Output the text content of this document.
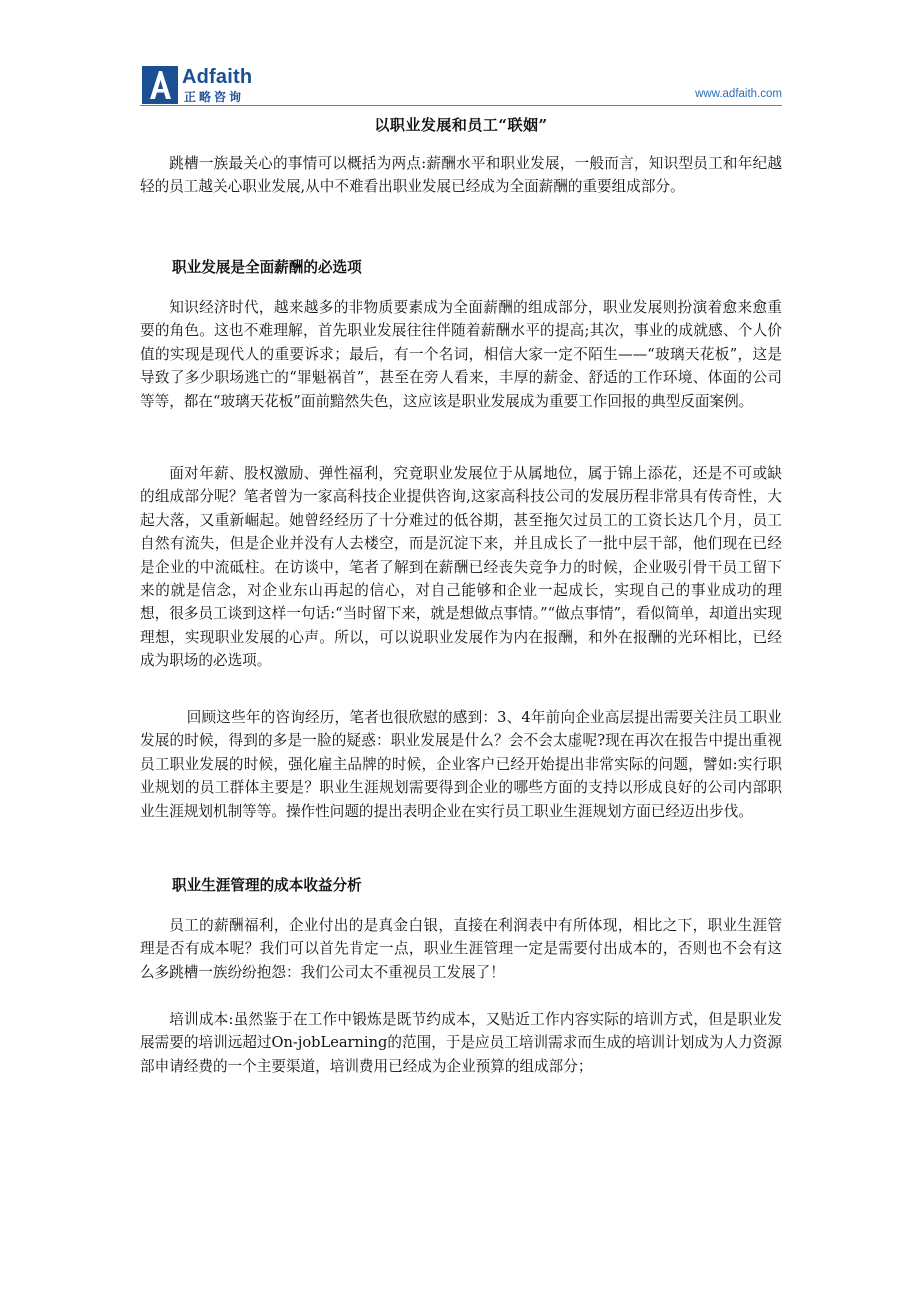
Adfaith
正略咨询	www.adfaith.com
以职业发展和员工“联姻”

跳槽一族最关心的事情可以概括为两点:薪酬水平和职业发展，一般而言，知识型员工和年纪越轻的员工越关心职业发展,从中不难看出职业发展已经成为全面薪酬的重要组成部分。

职业发展是全面薪酬的必选项

知识经济时代，越来越多的非物质要素成为全面薪酬的组成部分，职业发展则扮演着愈来愈重要的角色。这也不难理解，首先职业发展往往伴随着薪酬水平的提高;其次，事业的成就感、个人价值的实现是现代人的重要诉求；最后，有一个名词，相信大家一定不陌生——“玻璃天花板”，这是导致了多少职场逃亡的“罪魁祸首”，甚至在旁人看来，丰厚的薪金、舒适的工作环境、体面的公司等等，都在“玻璃天花板”面前黯然失色，这应该是职业发展成为重要工作回报的典型反面案例。

面对年薪、股权激励、弹性福利，究竟职业发展位于从属地位，属于锦上添花，还是不可或缺的组成部分呢？笔者曾为一家高科技企业提供咨询,这家高科技公司的发展历程非常具有传奇性，大起大落，又重新崛起。她曾经经历了十分难过的低谷期，甚至拖欠过员工的工资长达几个月，员工自然有流失，但是企业并没有人去楼空，而是沉淀下来，并且成长了一批中层干部，他们现在已经是企业的中流砥柱。在访谈中，笔者了解到在薪酬已经丧失竞争力的时候，企业吸引骨干员工留下来的就是信念，对企业东山再起的信心，对自己能够和企业一起成长，实现自己的事业成功的理想，很多员工谈到这样一句话:“当时留下来，就是想做点事情。”“做点事情”，看似简单，却道出实现理想，实现职业发展的心声。所以，可以说职业发展作为内在报酬，和外在报酬的光环相比，已经成为职场的必选项。

回顾这些年的咨询经历，笔者也很欣慰的感到：3、4年前向企业高层提出需要关注员工职业发展的时候，得到的多是一脸的疑惑：职业发展是什么？会不会太虚呢?现在再次在报告中提出重视员工职业发展的时候，强化雇主品牌的时候，企业客户已经开始提出非常实际的问题，譬如:实行职业规划的员工群体主要是？职业生涯规划需要得到企业的哪些方面的支持以形成良好的公司内部职业生涯规划机制等等。操作性问题的提出表明企业在实行员工职业生涯规划方面已经迈出步伐。

职业生涯管理的成本收益分析

员工的薪酬福利，企业付出的是真金白银，直接在利润表中有所体现，相比之下，职业生涯管理是否有成本呢？我们可以首先肯定一点，职业生涯管理一定是需要付出成本的，否则也不会有这么多跳槽一族纷纷抱怨：我们公司太不重视员工发展了！

培训成本:虽然鉴于在工作中锻炼是既节约成本，又贴近工作内容实际的培训方式，但是职业发展需要的培训远超过On-jobLearning的范围，于是应员工培训需求而生成的培训计划成为人力资源部申请经费的一个主要渠道，培训费用已经成为企业预算的组成部分；
